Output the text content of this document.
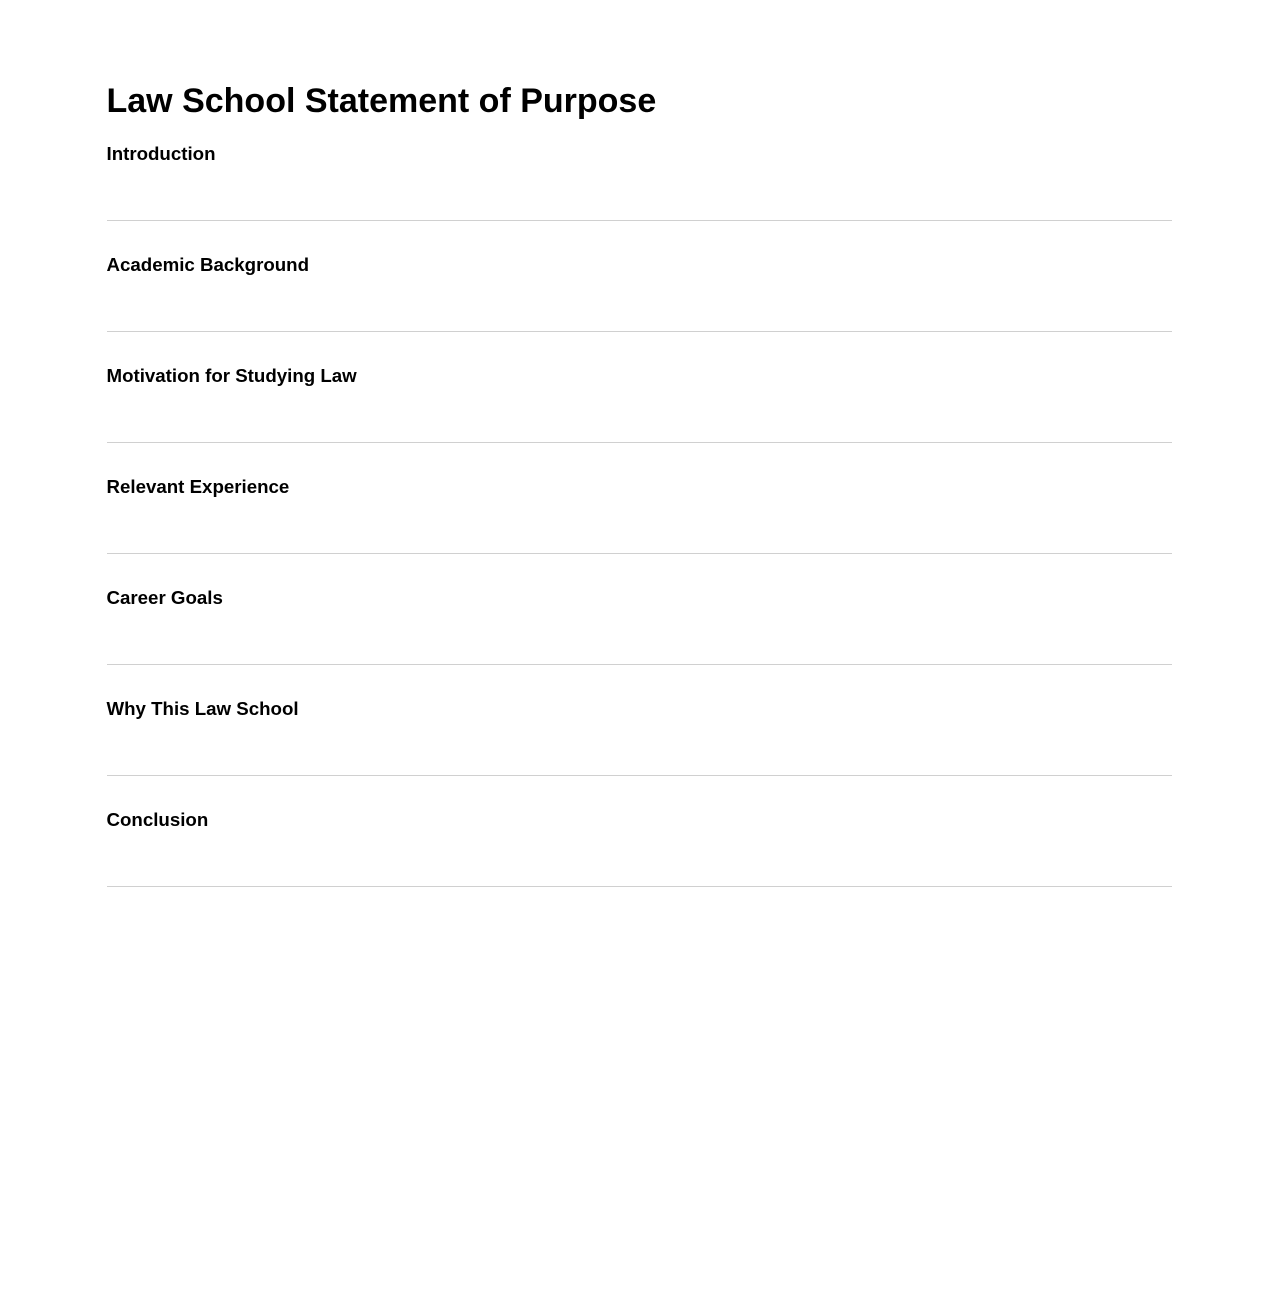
Law School Statement of Purpose
Introduction
Academic Background
Motivation for Studying Law
Relevant Experience
Career Goals
Why This Law School
Conclusion
